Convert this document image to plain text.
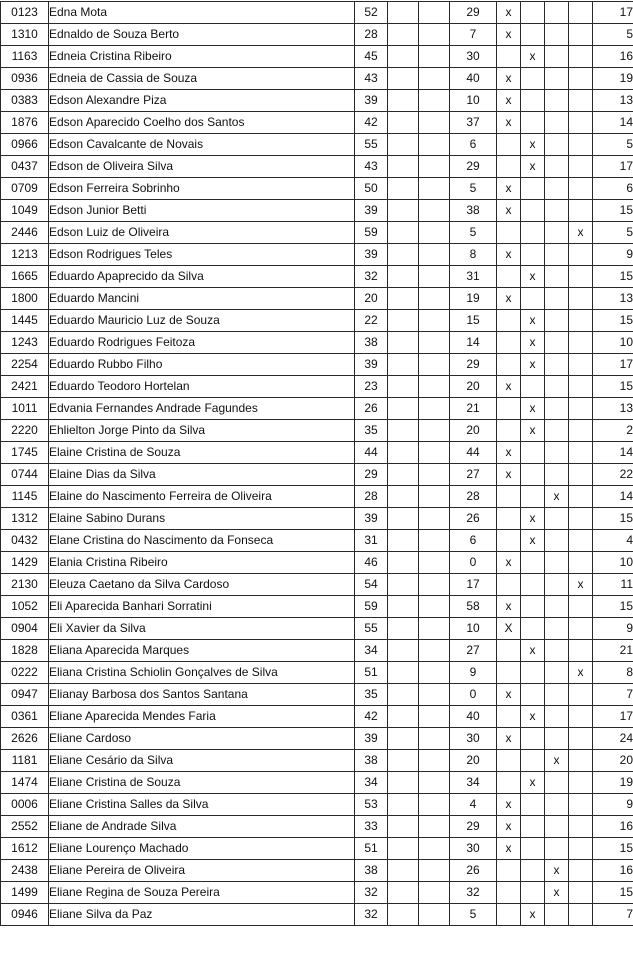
0123	Edna Mota	52			29	x				17
1310	Ednaldo de Souza Berto	28			7	x				5
1163	Edneia Cristina Ribeiro	45			30		x			16
0936	Edneia de Cassia de Souza	43			40	x				19
0383	Edson Alexandre Piza	39			10	x				13
1876	Edson Aparecido Coelho dos Santos	42			37	x				14
0966	Edson Cavalcante de Novais	55			6		x			5
0437	Edson de Oliveira Silva	43			29		x			17
0709	Edson Ferreira Sobrinho	50			5	x				6
1049	Edson Junior Betti	39			38	x				15
2446	Edson Luiz de Oliveira	59			5				x	5
1213	Edson Rodrigues Teles	39			8	x				9
1665	Eduardo Apaprecido da Silva	32			31		x			15
1800	Eduardo Mancini	20			19	x				13
1445	Eduardo Mauricio Luz de Souza	22			15		x			15
1243	Eduardo Rodrigues Feitoza	38			14		x			10
2254	Eduardo Rubbo Filho	39			29		x			17
2421	Eduardo Teodoro Hortelan	23			20	x				15
1011	Edvania Fernandes Andrade Fagundes	26			21		x			13
2220	Ehlielton Jorge Pinto da Silva	35			20		x			2
1745	Elaine Cristina de Souza	44			44	x				14
0744	Elaine Dias da Silva	29			27	x				22
1145	Elaine do Nascimento Ferreira de Oliveira	28			28			x		14
1312	Elaine Sabino Durans	39			26		x			15
0432	Elane Cristina do Nascimento da Fonseca	31			6		x			4
1429	Elania Cristina Ribeiro	46			0	x				10
2130	Eleuza Caetano da Silva Cardoso	54			17				x	11
1052	Eli Aparecida Banhari Sorratini	59			58	x				15
0904	Eli Xavier da Silva	55			10	X				9
1828	Eliana Aparecida Marques	34			27		x			21
0222	Eliana Cristina Schiolin Gonçalves de Silva	51			9				x	8
0947	Elianay Barbosa dos Santos Santana	35			0	x				7
0361	Eliane Aparecida Mendes Faria	42			40		x			17
2626	Eliane Cardoso	39			30	x				24
1181	Eliane Cesário da Silva	38			20			x		20
1474	Eliane Cristina de Souza	34			34		x			19
0006	Eliane Cristina Salles da Silva	53			4	x				9
2552	Eliane de Andrade Silva	33			29	x				16
1612	Eliane Lourenço Machado	51			30	x				15
2438	Eliane Pereira de Oliveira	38			26			x		16
1499	Eliane Regina de Souza Pereira	32			32			x		15
0946	Eliane Silva da Paz	32			5		x			7
